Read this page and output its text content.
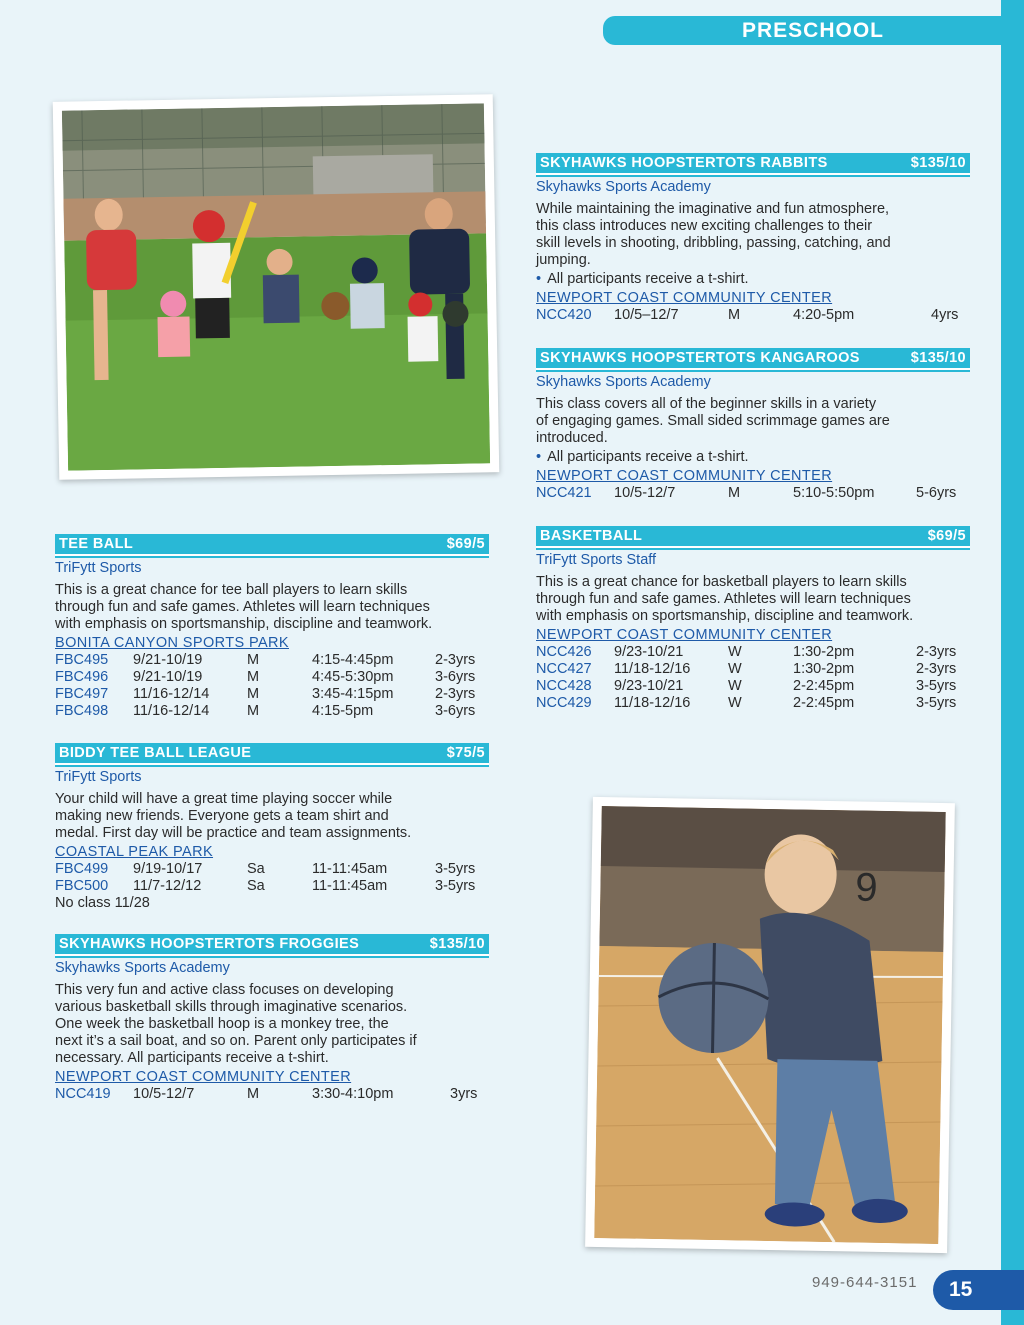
PRESCHOOL
9
TEE BALL	$69/5
TriFytt Sports
This is a great chance for tee ball players to learn skills
through fun and safe games. Athletes will learn techniques
with emphasis on sportsmanship, discipline and teamwork.
BONITA CANYON SPORTS PARK
FBC495 9/21-10/19	M	4:15-4:45pm	2-3yrs
FBC496 9/21-10/19	M	4:45-5:30pm	3-6yrs
FBC497 11/16-12/14	M	3:45-4:15pm	2-3yrs
FBC498 11/16-12/14	M	4:15-5pm	3-6yrs
BIDDY TEE BALL LEAGUE	$75/5
TriFytt Sports
Your child will have a great time playing soccer while
making new friends. Everyone gets a team shirt and
medal. First day will be practice and team assignments.
COASTAL PEAK PARK
FBC499 9/19-10/17	Sa	11-11:45am	3-5yrs
FBC500 11/7-12/12	Sa	11-11:45am	3-5yrs
No class 11/28
SKYHAWKS HOOPSTERTOTS FROGGIES	$135/10
Skyhawks Sports Academy
This very fun and active class focuses on developing
various basketball skills through imaginative scenarios.
One week the basketball hoop is a monkey tree, the
next it’s a sail boat, and so on. Parent only participates if
necessary. All participants receive a t-shirt.
NEWPORT COAST COMMUNITY CENTER
NCC419 10/5-12/7	M	3:30-4:10pm	3yrs
SKYHAWKS HOOPSTERTOTS RABBITS	$135/10
Skyhawks Sports Academy
While maintaining the imaginative and fun atmosphere,
this class introduces new exciting challenges to their
skill levels in shooting, dribbling, passing, catching, and
jumping.
• All participants receive a t-shirt.
NEWPORT COAST COMMUNITY CENTER
NCC420 10/5–12/7	M	4:20-5pm	4yrs
SKYHAWKS HOOPSTERTOTS KANGAROOS	$135/10
Skyhawks Sports Academy
This class covers all of the beginner skills in a variety
of engaging games. Small sided scrimmage games are
introduced.
• All participants receive a t-shirt.
NEWPORT COAST COMMUNITY CENTER
NCC421 10/5-12/7	M	5:10-5:50pm	5-6yrs
BASKETBALL	$69/5
TriFytt Sports Staff
This is a great chance for basketball players to learn skills
through fun and safe games. Athletes will learn techniques
with emphasis on sportsmanship, discipline and teamwork.
NEWPORT COAST COMMUNITY CENTER
NCC426 9/23-10/21	W	1:30-2pm	2-3yrs
NCC427 11/18-12/16	W	1:30-2pm	2-3yrs
NCC428 9/23-10/21	W	2-2:45pm	3-5yrs
NCC429 11/18-12/16	W	2-2:45pm	3-5yrs
949-644-3151	15
